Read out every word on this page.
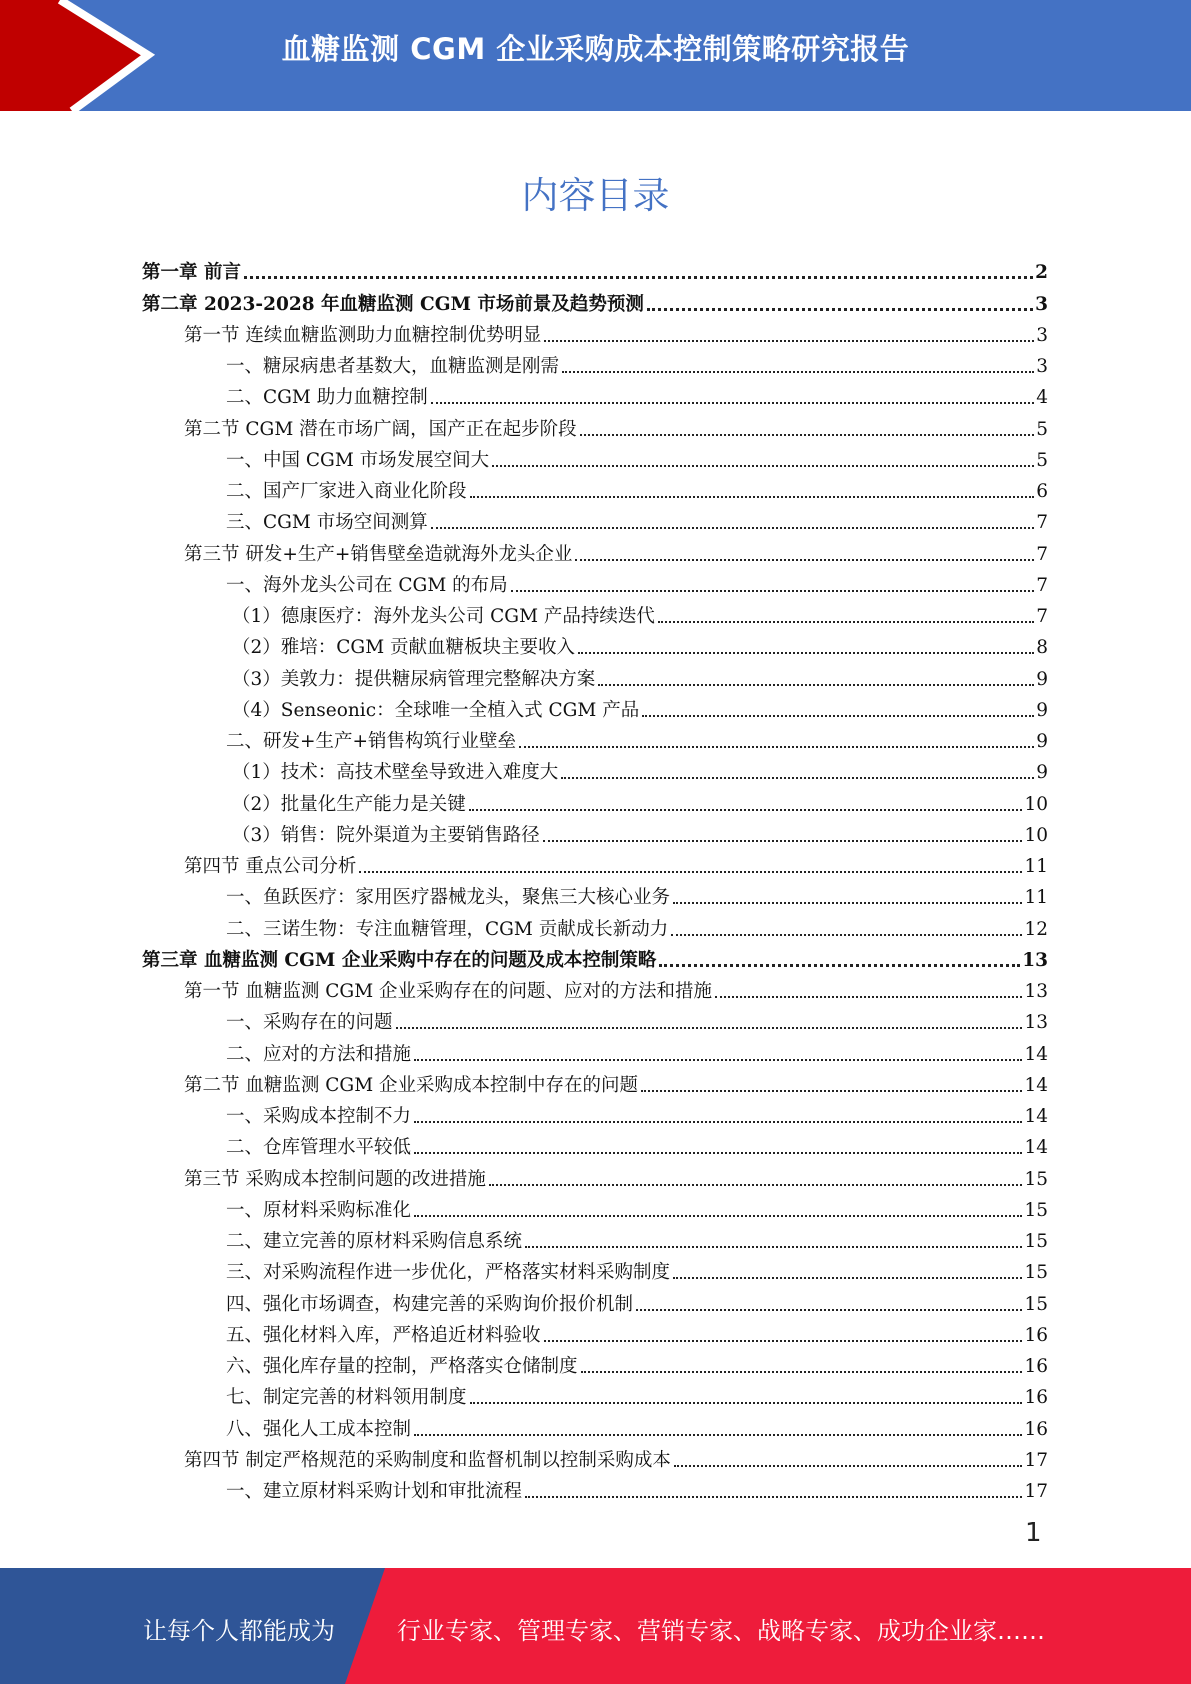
血糖监测 CGM 企业采购成本控制策略研究报告
内容目录
第一章 前言	2
第二章 2023-2028 年血糖监测 CGM 市场前景及趋势预测	3
第一节 连续血糖监测助力血糖控制优势明显	3
一、糖尿病患者基数大，血糖监测是刚需	3
二、CGM 助力血糖控制	4
第二节 CGM 潜在市场广阔，国产正在起步阶段	5
一、中国 CGM 市场发展空间大	5
二、国产厂家进入商业化阶段	6
三、CGM 市场空间测算	7
第三节 研发+生产+销售壁垒造就海外龙头企业	7
一、海外龙头公司在 CGM 的布局	7
（1）德康医疗：海外龙头公司 CGM 产品持续迭代	7
（2）雅培：CGM 贡献血糖板块主要收入	8
（3）美敦力：提供糖尿病管理完整解决方案	9
（4）Senseonic：全球唯一全植入式 CGM 产品	9
二、研发+生产+销售构筑行业壁垒	9
（1）技术：高技术壁垒导致进入难度大	9
（2）批量化生产能力是关键	10
（3）销售：院外渠道为主要销售路径	10
第四节 重点公司分析	11
一、鱼跃医疗：家用医疗器械龙头，聚焦三大核心业务	11
二、三诺生物：专注血糖管理，CGM 贡献成长新动力	12
第三章 血糖监测 CGM 企业采购中存在的问题及成本控制策略	13
第一节 血糖监测 CGM 企业采购存在的问题、应对的方法和措施	13
一、采购存在的问题	13
二、应对的方法和措施	14
第二节 血糖监测 CGM 企业采购成本控制中存在的问题	14
一、采购成本控制不力	14
二、仓库管理水平较低	14
第三节 采购成本控制问题的改进措施	15
一、原材料采购标准化	15
二、建立完善的原材料采购信息系统	15
三、对采购流程作进一步优化，严格落实材料采购制度	15
四、强化市场调查，构建完善的采购询价报价机制	15
五、强化材料入库，严格追近材料验收	16
六、强化库存量的控制，严格落实仓储制度	16
七、制定完善的材料领用制度	16
八、强化人工成本控制	16
第四节 制定严格规范的采购制度和监督机制以控制采购成本	17
一、建立原材料采购计划和审批流程	17
1
让每个人都能成为	行业专家、管理专家、营销专家、战略专家、成功企业家……
